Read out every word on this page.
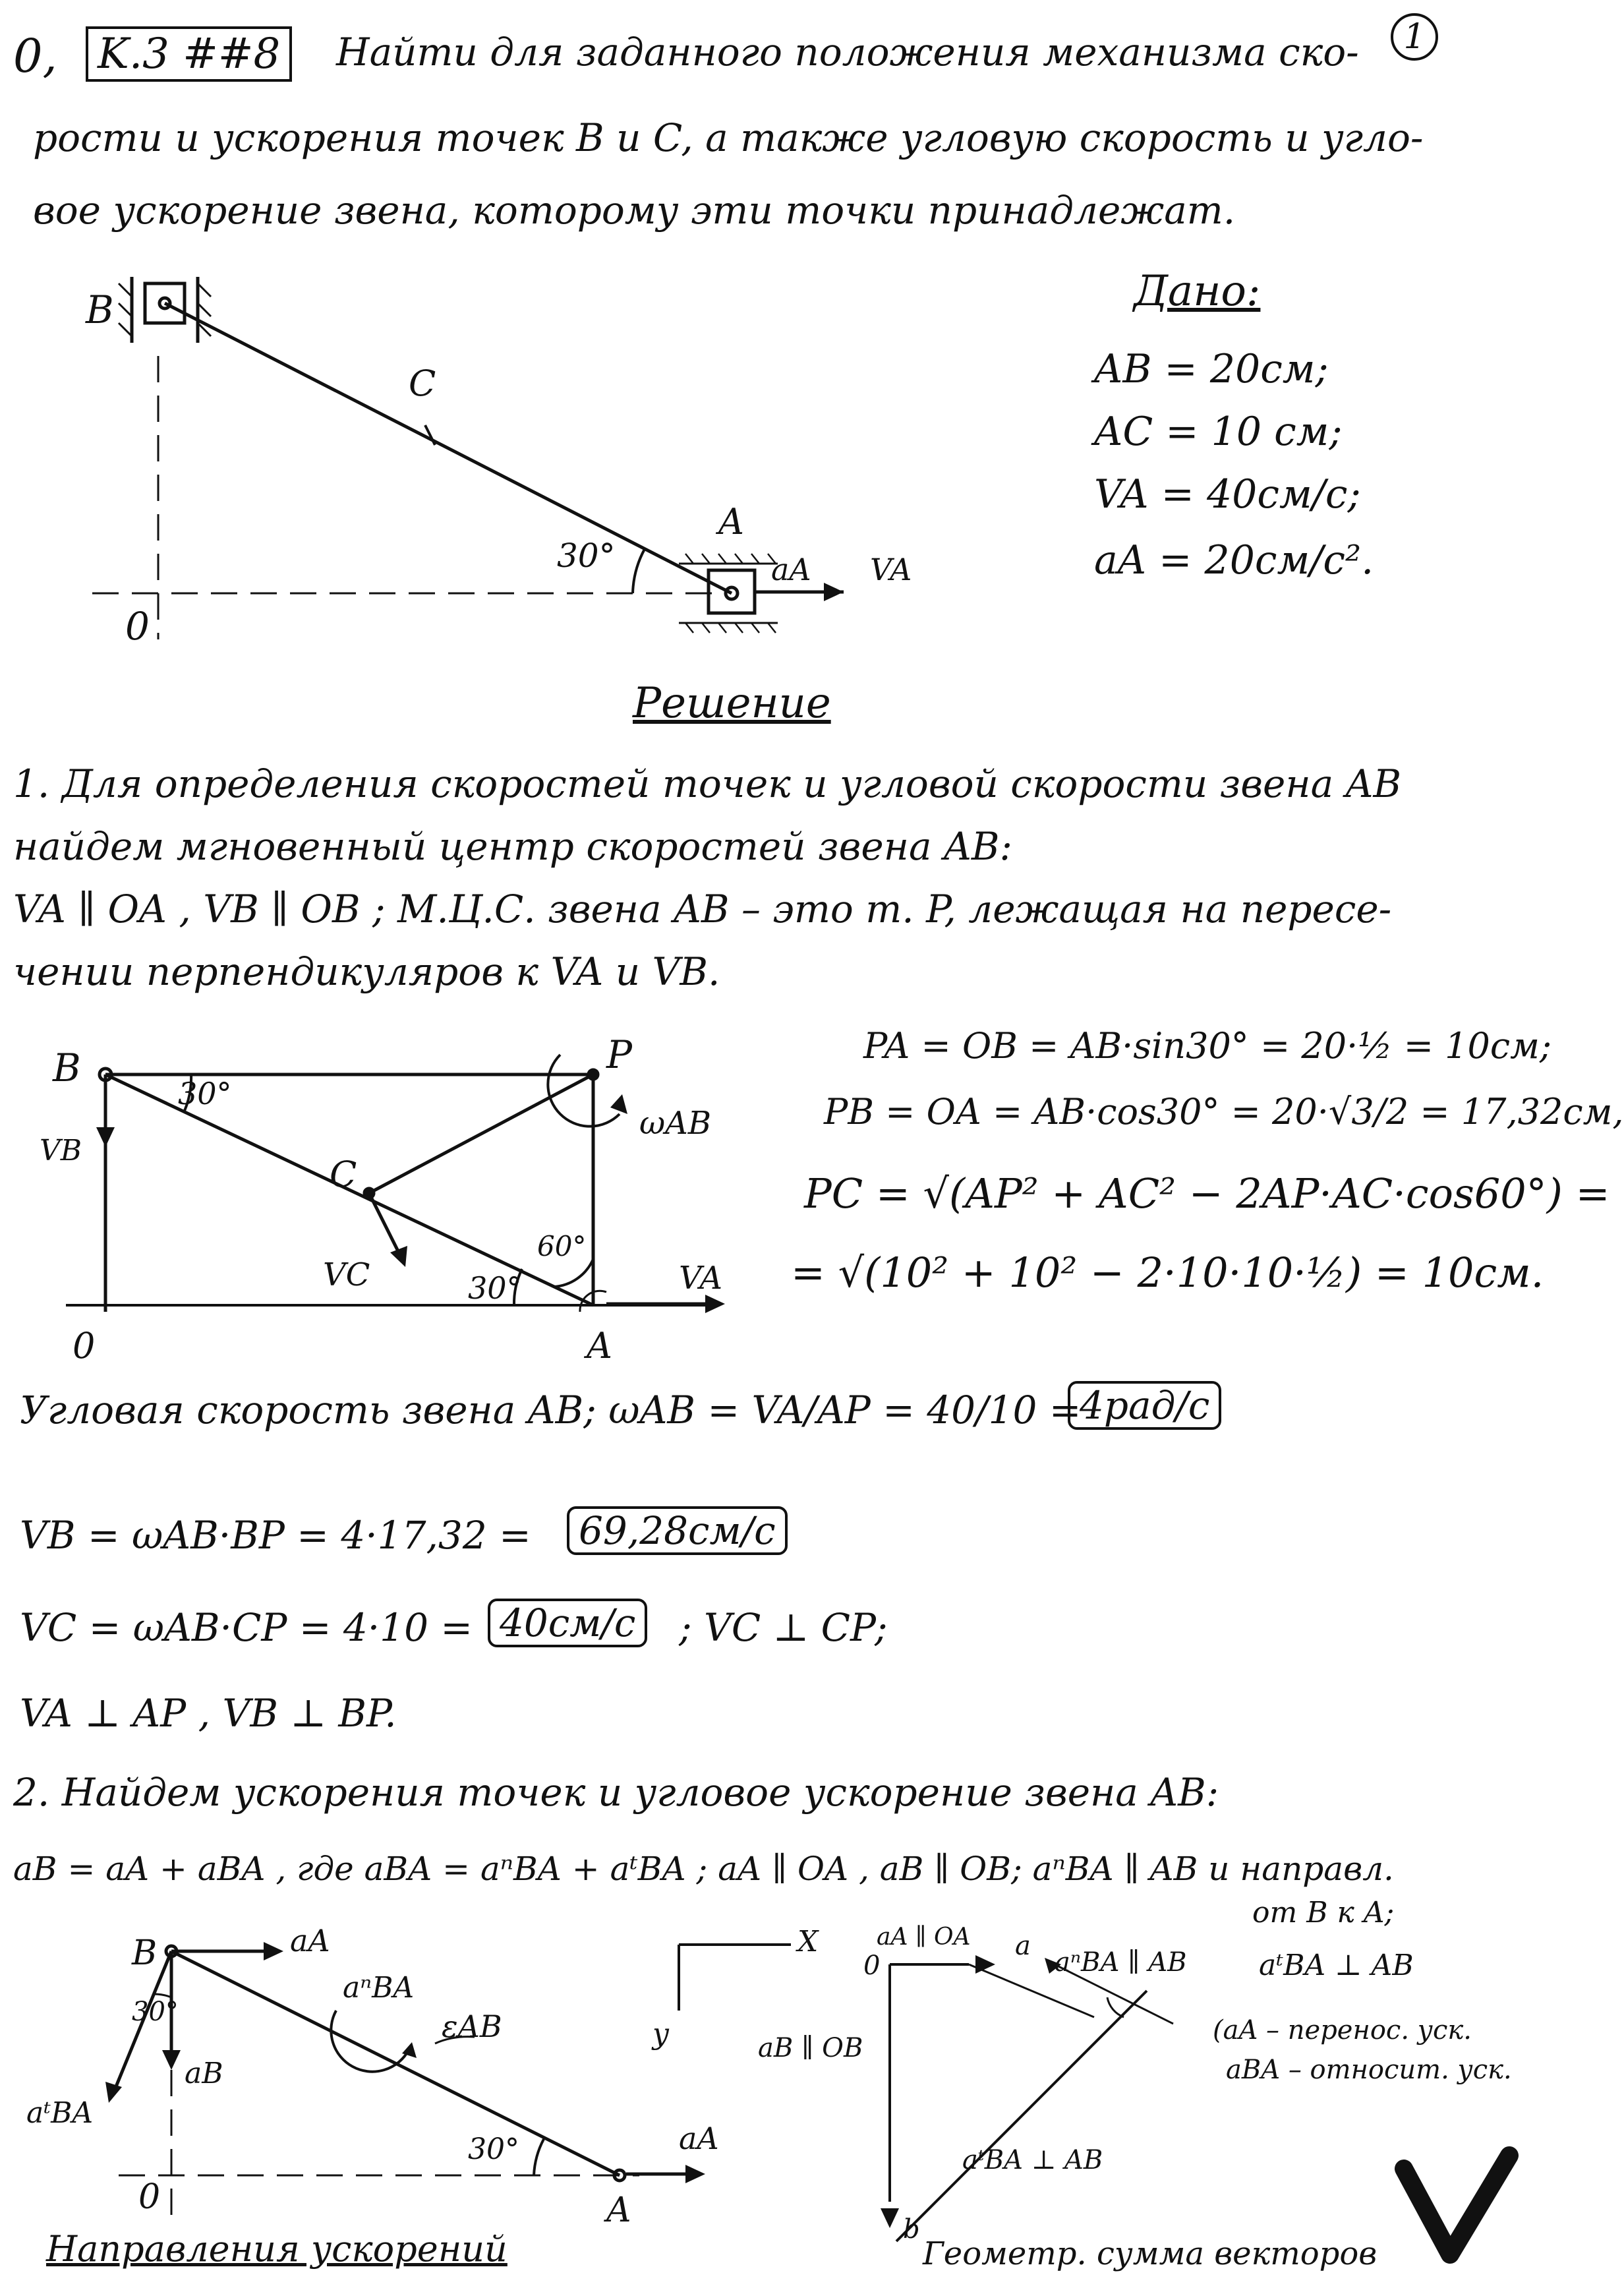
0, K.3 ##8	Найти для заданного положения механизма ско-	1
рости и ускорения точек B и C, а также угловую скорость и угло-
вое ускорение звена, которому эти точки принадлежат.
B
C
A
0
30°	aA VA
Дано:
AB = 20см;
AC = 10 см;
VA = 40см/с;
aA = 20см/с².
Решение
1. Для определения скоростей точек и угловой скорости звена AB
найдем мгновенный центр скоростей звена AB:
VA ∥ OA , VB ∥ OB ; М.Ц.С. звена AB – это т. P, лежащая на пересе-
чении перпендикуляров к VA и VB.
B	P
C
A
0
30°
30°
60°
ωAB
VB
VC	VA
PA = OB = AB·sin30° = 20·½ = 10см;
PB = OA = AB·cos30° = 20·√3/2 = 17,32см,
PC = √(AP² + AC² − 2AP·AC·cos60°) =
= √(10² + 10² − 2·10·10·½) = 10см.
Угловая скорость звена AB; ωAB = VA/AP = 40/10 =
4рад/с
VB = ωAB·BP = 4·17,32 =	69,28см/с
VC = ωAB·CP = 4·10 = 40см/с	; VC ⊥ CP;
VA ⊥ AP , VB ⊥ BP.
2. Найдем ускорения точек и угловое ускорение звена AB:
aB = aA + aBA , где aBA = aⁿBA + aᵗBA ; aA ∥ OA , aB ∥ OB; aⁿBA ∥ AB и направл.
от B к A;
aᵗBA ⊥ AB
(aA – перенос. уск.
aBA – относит. уск.
B
A
0
aA
aA
aᵗBA
aB
aⁿBA
εAB
30°
30°
Направления ускорений
X
y
0
a
b
aA ∥ OA
aⁿBA ∥ AB
aB ∥ OB
aᵗBA ⊥ AB
Геометр. сумма векторов
